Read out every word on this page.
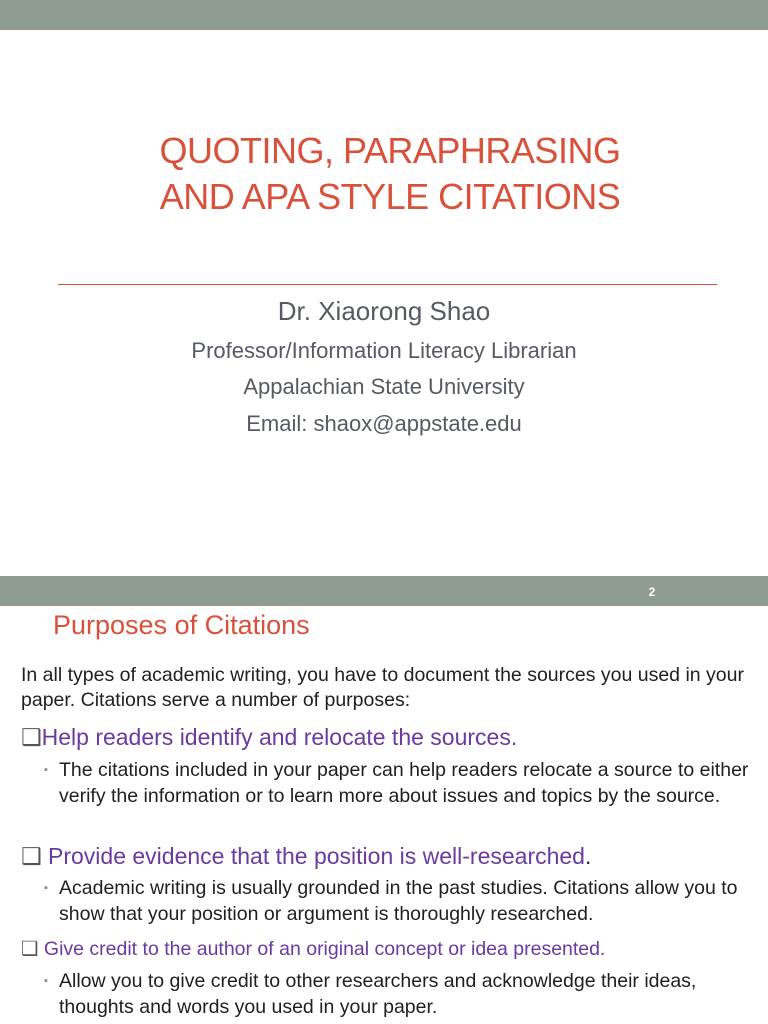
QUOTING, PARAPHRASING
AND APA STYLE CITATIONS
Dr. Xiaorong Shao
Professor/Information Literacy Librarian
Appalachian State University
Email: shaox@appstate.edu
2
Purposes of Citations
In all types of academic writing, you have to document the sources you used in your paper. Citations serve a number of purposes:
❑Help readers identify and relocate the sources.
▪ The citations included in your paper can help readers relocate a source to either verify the information or to learn more about issues and topics by the source.
❑ Provide evidence that the position is well-researched.
▪ Academic writing is usually grounded in the past studies. Citations allow you to show that your position or argument is thoroughly researched.
❑ Give credit to the author of an original concept or idea presented.
▪ Allow you to give credit to other researchers and acknowledge their ideas, thoughts and words you used in your paper.
